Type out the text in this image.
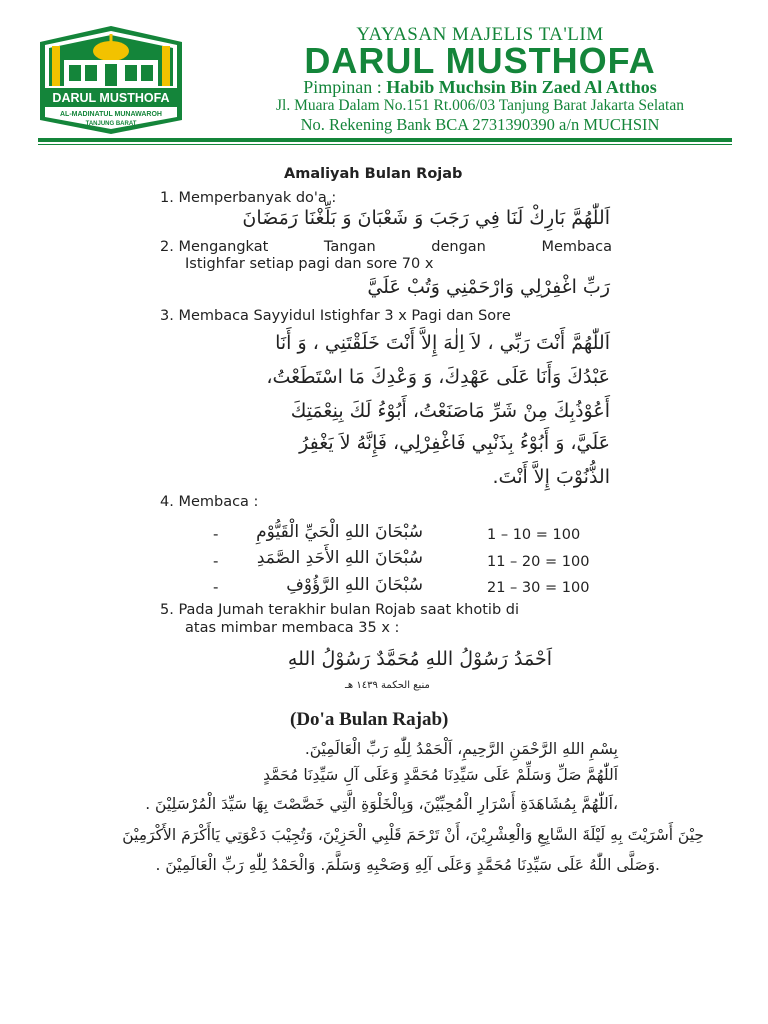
DARUL MUSTHOFA
AL-MADINATUL MUNAWAROH
TANJUNG BARAT
YAYASAN MAJELIS TA'LIM
DARUL MUSTHOFA
Pimpinan : Habib Muchsin Bin Zaed Al Atthos
Jl. Muara Dalam No.151 Rt.006/03 Tanjung Barat Jakarta Selatan
No. Rekening Bank BCA 2731390390 a/n MUCHSIN
Amaliyah Bulan Rojab
1. Memperbanyak do'a :
اَللّٰهُمَّ بَارِكْ لَنَا فِي رَجَبَ وَ شَعْبَانَ وَ بَلِّغْنَا رَمَضَانَ
2. Mengangkat	Tangan	dengan	Membaca
Istighfar setiap pagi dan sore 70 x
رَبِّ اغْفِرْلِي وَارْحَمْنِي وَتُبْ عَلَيَّ
3. Membaca Sayyidul Istighfar 3 x Pagi dan Sore
اَللّٰهُمَّ أَنْتَ رَبِّي ، لاَ اِلٰهَ إِلاَّ أَنْتَ خَلَقْتَنِي ، وَ أَنَا
عَبْدُكَ وَأَنَا عَلَى عَهْدِكَ، وَ وَعْدِكَ مَا اسْتَطَعْتُ،
أَعُوْذُبِكَ مِنْ شَرِّ مَاصَنَعْتُ، أَبُوْءُ لَكَ بِنِعْمَتِكَ
عَلَيَّ، وَ أَبُوْءُ بِذَنْبِي فَاغْفِرْلِي، فَإِنَّهُ لاَ يَغْفِرُ
الذُّنُوْبَ إِلاَّ أَنْتَ.
4. Membaca :
- سُبْحَانَ اللهِ الْحَيِّ الْقَيُّوْمِ	1 – 10 = 100
- سُبْحَانَ اللهِ الأَحَدِ الصَّمَدِ	11 – 20 = 100
-	سُبْحَانَ اللهِ الرَّؤُوْفِ	21 – 30 = 100
5. Pada Jumah terakhir bulan Rojab saat khotib di
atas mimbar membaca 35 x :
اَحْمَدُ رَسُوْلُ اللهِ مُحَمَّدٌ رَسُوْلُ اللهِ
منبع الحكمة ١٤٣٩ هـ
(Do'a Bulan Rajab)
بِسْمِ اللهِ الرَّحْمَنِ الرَّحِيمِ، اَلْحَمْدُ لِلّٰهِ رَبِّ الْعَالَمِيْنَ.
اَللّٰهُمَّ صَلِّ وَسَلِّمْ عَلَى سَيِّدِنَا مُحَمَّدٍ وَعَلَى آلِ سَيِّدِنَا مُحَمَّدٍ
،اَللّٰهُمَّ بِمُشَاهَدَةِ أَسْرَارِ الْمُحِبِّيْنَ، وَبِالْخَلْوَةِ الَّتِي خَصَّصْتَ بِهَا سَيِّدَ الْمُرْسَلِيْنَ .
حِيْنَ أَسْرَيْتَ بِهِ لَيْلَةَ السَّابِعِ وَالْعِشْرِيْنَ، أَنْ تَرْحَمَ قَلْبِي الْحَزِيْنَ، وَتُجِيْبَ دَعْوَتِي يَاأَكْرَمَ الأَكْرَمِيْنَ
.وَصَلَّى اللّٰهُ عَلَى سَيِّدِنَا مُحَمَّدٍ وَعَلَى آلِهِ وَصَحْبِهِ وَسَلَّمَ. وَالْحَمْدُ لِلّٰهِ رَبِّ الْعَالَمِيْنَ .
